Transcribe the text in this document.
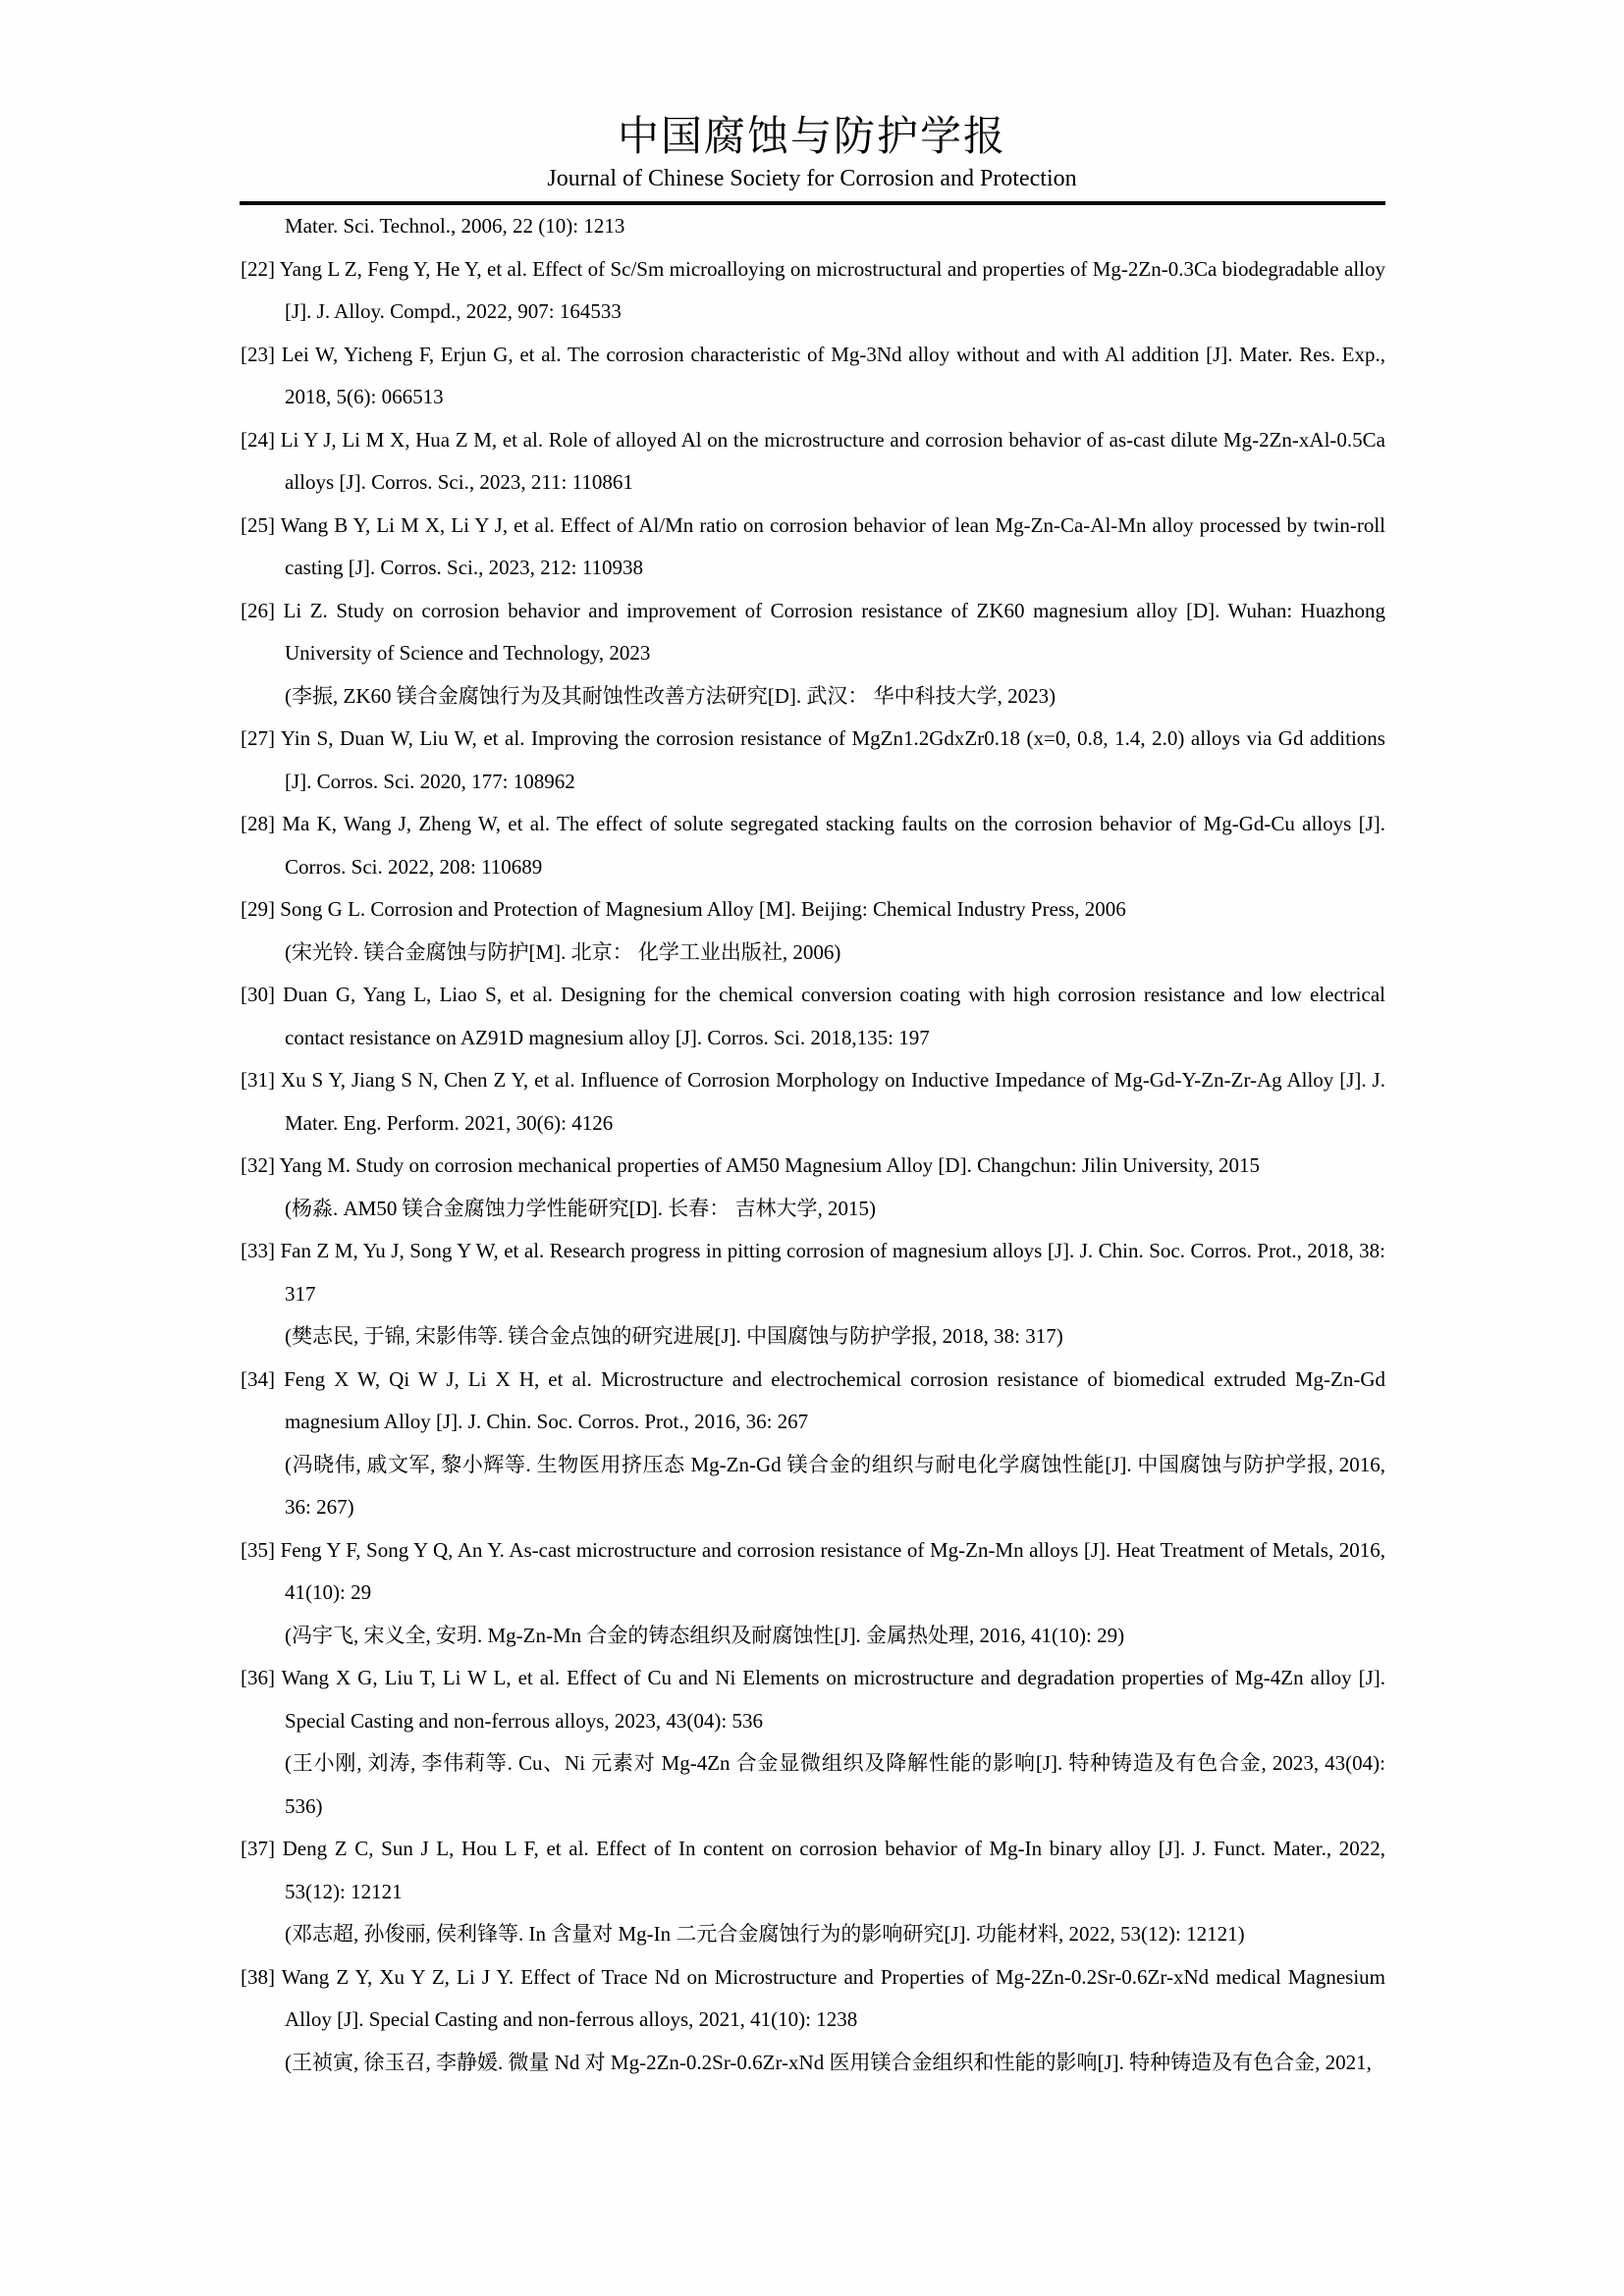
中国腐蚀与防护学报
Journal of Chinese Society for Corrosion and Protection
Mater. Sci. Technol., 2006, 22 (10): 1213
[22] Yang L Z, Feng Y, He Y, et al. Effect of Sc/Sm microalloying on microstructural and properties of Mg-2Zn-0.3Ca biodegradable alloy [J]. J. Alloy. Compd., 2022, 907: 164533
[23] Lei W, Yicheng F, Erjun G, et al. The corrosion characteristic of Mg-3Nd alloy without and with Al addition [J]. Mater. Res. Exp., 2018, 5(6): 066513
[24] Li Y J, Li M X, Hua Z M, et al. Role of alloyed Al on the microstructure and corrosion behavior of as-cast dilute Mg-2Zn-xAl-0.5Ca alloys [J]. Corros. Sci., 2023, 211: 110861
[25] Wang B Y, Li M X, Li Y J, et al. Effect of Al/Mn ratio on corrosion behavior of lean Mg-Zn-Ca-Al-Mn alloy processed by twin-roll casting [J]. Corros. Sci., 2023, 212: 110938
[26] Li Z. Study on corrosion behavior and improvement of Corrosion resistance of ZK60 magnesium alloy [D]. Wuhan: Huazhong University of Science and Technology, 2023
(李振, ZK60 镁合金腐蚀行为及其耐蚀性改善方法研究[D]. 武汉： 华中科技大学, 2023)
[27] Yin S, Duan W, Liu W, et al. Improving the corrosion resistance of MgZn1.2GdxZr0.18 (x=0, 0.8, 1.4, 2.0) alloys via Gd additions [J]. Corros. Sci. 2020, 177: 108962
[28] Ma K, Wang J, Zheng W, et al. The effect of solute segregated stacking faults on the corrosion behavior of Mg-Gd-Cu alloys [J]. Corros. Sci. 2022, 208: 110689
[29] Song G L. Corrosion and Protection of Magnesium Alloy [M]. Beijing: Chemical Industry Press, 2006
(宋光铃. 镁合金腐蚀与防护[M]. 北京： 化学工业出版社, 2006)
[30] Duan G, Yang L, Liao S, et al. Designing for the chemical conversion coating with high corrosion resistance and low electrical contact resistance on AZ91D magnesium alloy [J]. Corros. Sci. 2018,135: 197
[31] Xu S Y, Jiang S N, Chen Z Y, et al. Influence of Corrosion Morphology on Inductive Impedance of Mg-Gd-Y-Zn-Zr-Ag Alloy [J]. J. Mater. Eng. Perform. 2021, 30(6): 4126
[32] Yang M. Study on corrosion mechanical properties of AM50 Magnesium Alloy [D]. Changchun: Jilin University, 2015
(杨淼. AM50 镁合金腐蚀力学性能研究[D]. 长春： 吉林大学, 2015)
[33] Fan Z M, Yu J, Song Y W, et al. Research progress in pitting corrosion of magnesium alloys [J]. J. Chin. Soc. Corros. Prot., 2018, 38: 317
(樊志民, 于锦, 宋影伟等. 镁合金点蚀的研究进展[J]. 中国腐蚀与防护学报, 2018, 38: 317)
[34] Feng X W, Qi W J, Li X H, et al. Microstructure and electrochemical corrosion resistance of biomedical extruded Mg-Zn-Gd magnesium Alloy [J]. J. Chin. Soc. Corros. Prot., 2016, 36: 267
(冯晓伟, 戚文军, 黎小辉等. 生物医用挤压态 Mg-Zn-Gd 镁合金的组织与耐电化学腐蚀性能[J]. 中国腐蚀与防护学报, 2016, 36: 267)
[35] Feng Y F, Song Y Q, An Y. As-cast microstructure and corrosion resistance of Mg-Zn-Mn alloys [J]. Heat Treatment of Metals, 2016, 41(10): 29
(冯宇飞, 宋义全, 安玥. Mg-Zn-Mn 合金的铸态组织及耐腐蚀性[J]. 金属热处理, 2016, 41(10): 29)
[36] Wang X G, Liu T, Li W L, et al. Effect of Cu and Ni Elements on microstructure and degradation properties of Mg-4Zn alloy [J]. Special Casting and non-ferrous alloys, 2023, 43(04): 536
(王小刚, 刘涛, 李伟莉等. Cu、Ni 元素对 Mg-4Zn 合金显微组织及降解性能的影响[J]. 特种铸造及有色合金, 2023, 43(04): 536)
[37] Deng Z C, Sun J L, Hou L F, et al. Effect of In content on corrosion behavior of Mg-In binary alloy [J]. J. Funct. Mater., 2022, 53(12): 12121
(邓志超, 孙俊丽, 侯利锋等. In 含量对 Mg-In 二元合金腐蚀行为的影响研究[J]. 功能材料, 2022, 53(12): 12121)
[38] Wang Z Y, Xu Y Z, Li J Y. Effect of Trace Nd on Microstructure and Properties of Mg-2Zn-0.2Sr-0.6Zr-xNd medical Magnesium Alloy [J]. Special Casting and non-ferrous alloys, 2021, 41(10): 1238
(王祯寅, 徐玉召, 李静媛. 微量 Nd 对 Mg-2Zn-0.2Sr-0.6Zr-xNd 医用镁合金组织和性能的影响[J]. 特种铸造及有色合金, 2021,
